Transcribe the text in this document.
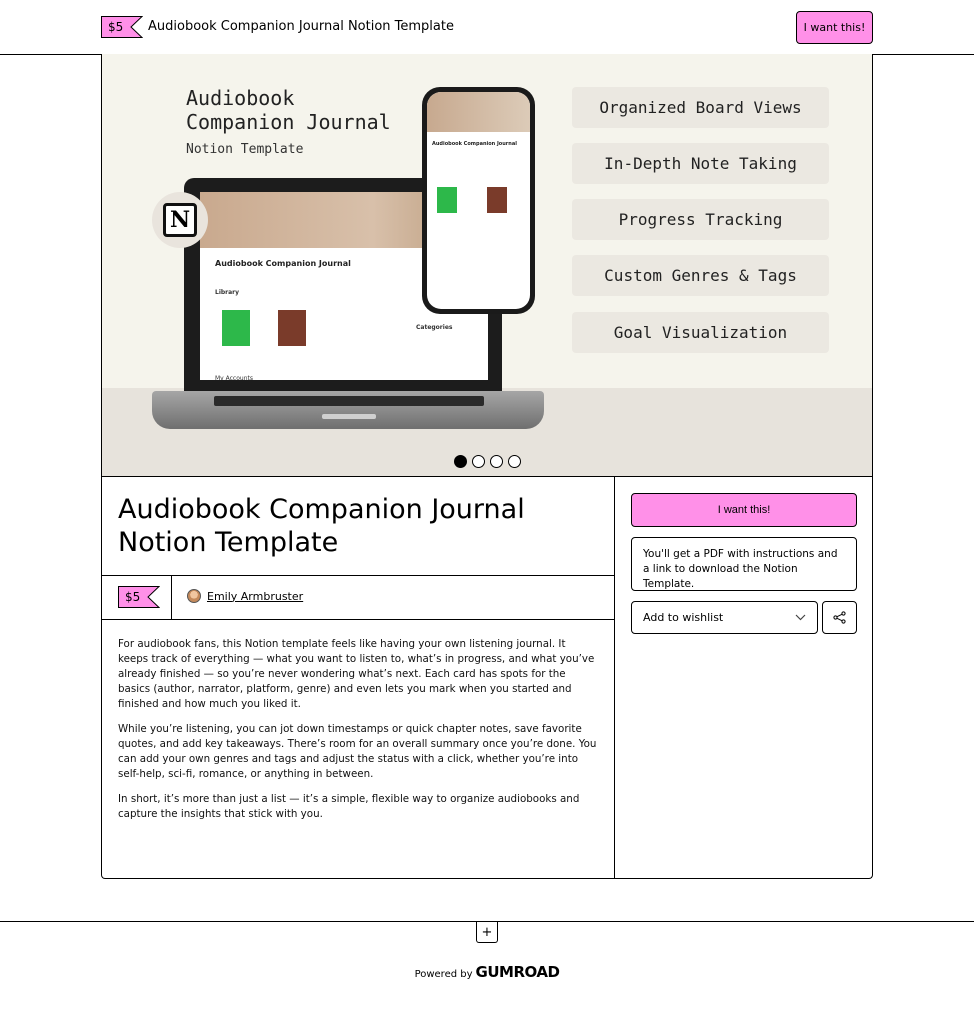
$5	Audiobook Companion Journal Notion Template	I want this!
Audiobook
Companion Journal
Notion Template
Organized Board Views
In-Depth Note Taking
Progress Tracking
Custom Genres & Tags
Goal Visualization
Audiobook Companion Journal
Library
Categories
My Accounts
N
Audiobook Companion Journal
Audiobook Companion Journal Notion Template
$5	Emily Armbruster

For audiobook fans, this Notion template feels like having your own listening journal. It keeps track of everything — what you want to listen to, what’s in progress, and what you’ve already finished — so you’re never wondering what’s next. Each card has spots for the basics (author, narrator, platform, genre) and even lets you mark when you started and finished and how much you liked it.

While you’re listening, you can jot down timestamps or quick chapter notes, save favorite quotes, and add key takeaways. There’s room for an overall summary once you’re done. You can add your own genres and tags and adjust the status with a click, whether you’re into self-help, sci-fi, romance, or anything in between.

In short, it’s more than just a list — it’s a simple, flexible way to organize audiobooks and capture the insights that stick with you.

I want this!
You'll get a PDF with instructions and a link to download the Notion Template.
Add to wishlist
+
Powered by GUMROAD
